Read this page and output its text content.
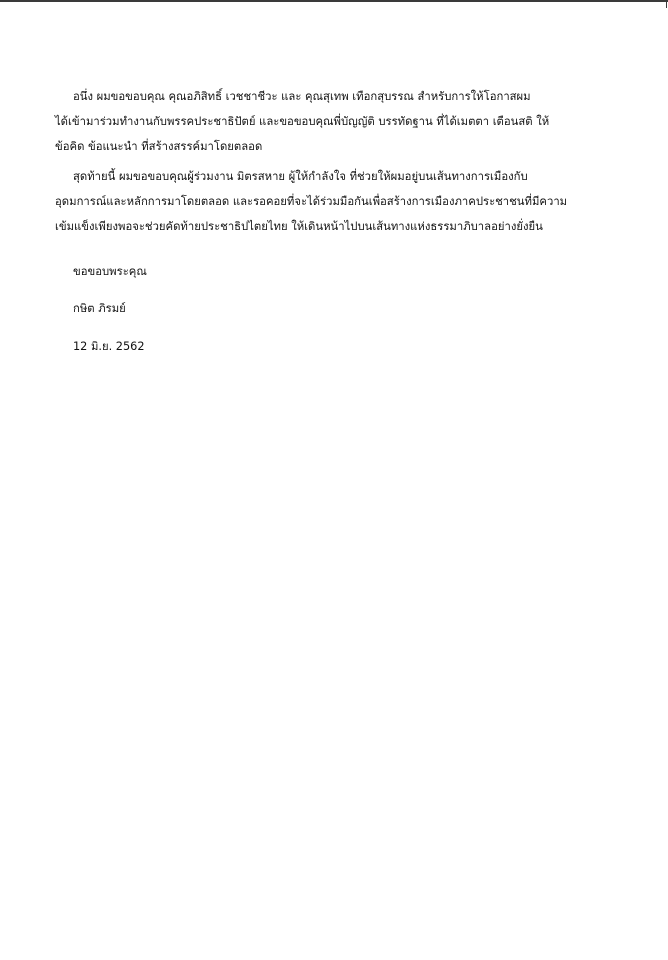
อนึ่ง ผมขอขอบคุณ คุณอภิสิทธิ์ เวชชาชีวะ และ คุณสุเทพ เทือกสุบรรณ สำหรับการให้โอกาสผม
ได้เข้ามาร่วมทำงานกับพรรคประชาธิปัตย์ และขอขอบคุณพี่บัญญัติ บรรทัดฐาน ที่ได้เมตตา เตือนสติ ให้
ข้อคิด ข้อแนะนำ ที่สร้างสรรค์มาโดยตลอด

สุดท้ายนี้ ผมขอขอบคุณผู้ร่วมงาน มิตรสหาย ผู้ให้กำลังใจ ที่ช่วยให้ผมอยู่บนเส้นทางการเมืองกับ
อุดมการณ์และหลักการมาโดยตลอด และรอคอยที่จะได้ร่วมมือกันเพื่อสร้างการเมืองภาคประชาชนที่มีความ
เข้มแข็งเพียงพอจะช่วยคัดท้ายประชาธิปไตยไทย ให้เดินหน้าไปบนเส้นทางแห่งธรรมาภิบาลอย่างยั่งยืน

ขอขอบพระคุณ
กษิต ภิรมย์
12 มิ.ย. 2562
